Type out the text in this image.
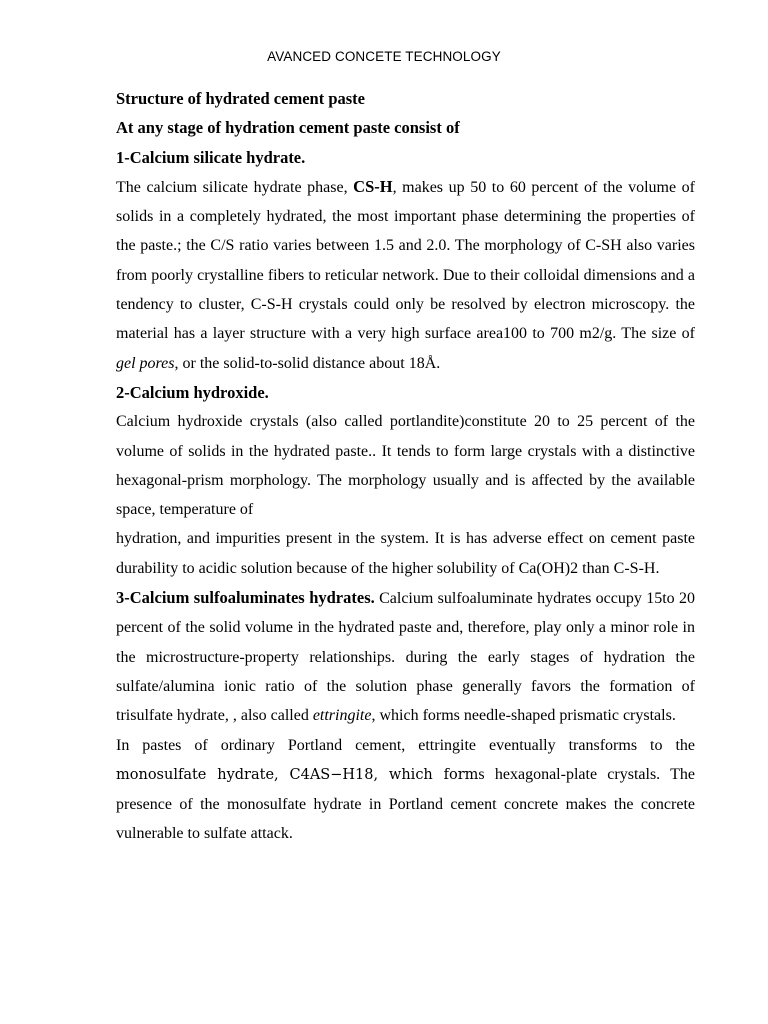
AVANCED CONCETE TECHNOLOGY

Structure of hydrated cement paste

At any stage of hydration cement paste consist of

1-Calcium silicate hydrate.

The calcium silicate hydrate phase, CS-H, makes up 50 to 60 percent of the volume of solids in a completely hydrated, the most important phase determining the properties of the paste.; the C/S ratio varies between 1.5 and 2.0. The morphology of C-SH also varies from poorly crystalline fibers to reticular network. Due to their colloidal dimensions and a tendency to cluster, C-S-H crystals could only be resolved by electron microscopy. the material has a layer structure with a very high surface area100 to 700 m2/g. The size of gel pores, or the solid-to-solid distance about 18Å.

2-Calcium hydroxide.

Calcium hydroxide crystals (also called portlandite)constitute 20 to 25 percent of the volume of solids in the hydrated paste.. It tends to form large crystals with a distinctive hexagonal-prism morphology. The morphology usually and is affected by the available space, temperature of

hydration, and impurities present in the system. It is has adverse effect on cement paste durability to acidic solution because of the higher solubility of Ca(OH)2 than C-S-H.

3-Calcium sulfoaluminates hydrates. Calcium sulfoaluminate hydrates occupy 15to 20 percent of the solid volume in the hydrated paste and, therefore, play only a minor role in the microstructure-property relationships. during the early stages of hydration the sulfate/alumina ionic ratio of the solution phase generally favors the formation of trisulfate hydrate, , also called ettringite, which forms needle-shaped prismatic crystals.

In pastes of ordinary Portland cement, ettringite eventually transforms to the monosulfate hydrate, C4AS−H18, which forms hexagonal-plate crystals. The presence of the monosulfate hydrate in Portland cement concrete makes the concrete vulnerable to sulfate attack.
